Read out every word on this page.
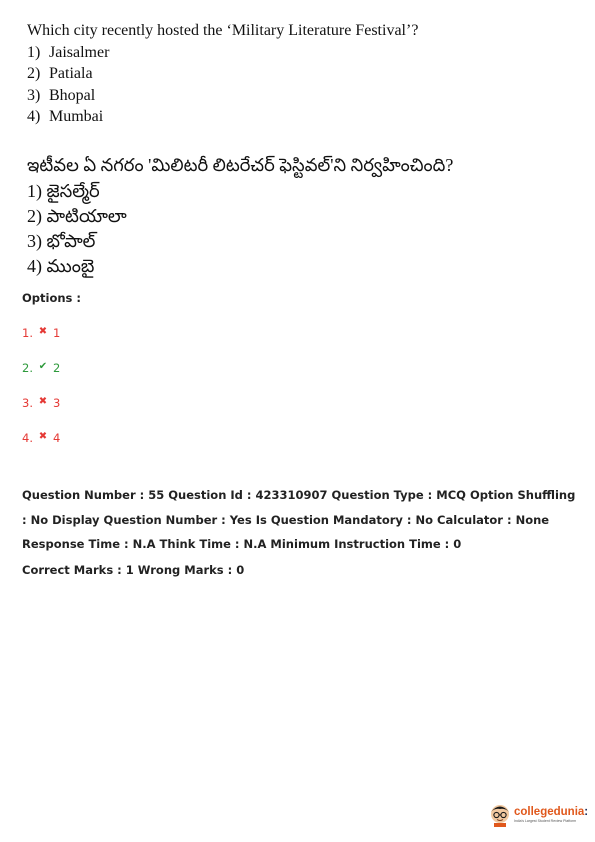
Which city recently hosted the ‘Military Literature Festival’?
1) Jaisalmer
2) Patiala
3) Bhopal
4) Mumbai
ఇటీవల ఏ నగరం 'మిలిటరీ లిటరేచర్ ఫెస్టివల్'ని నిర్వహించింది?
1) జైసల్మేర్
2) పాటియాలా
3) భోపాల్
4) ముంబై
Options :
1. ✖ 1
2. ✔ 2
3. ✖ 3
4. ✖ 4
Question Number : 55 Question Id : 423310907 Question Type : MCQ Option Shuffling : No Display Question Number : Yes Is Question Mandatory : No Calculator : None Response Time : N.A Think Time : N.A Minimum Instruction Time : 0
Correct Marks : 1 Wrong Marks : 0
collegedunia:
India's Largest Student Review Platform
